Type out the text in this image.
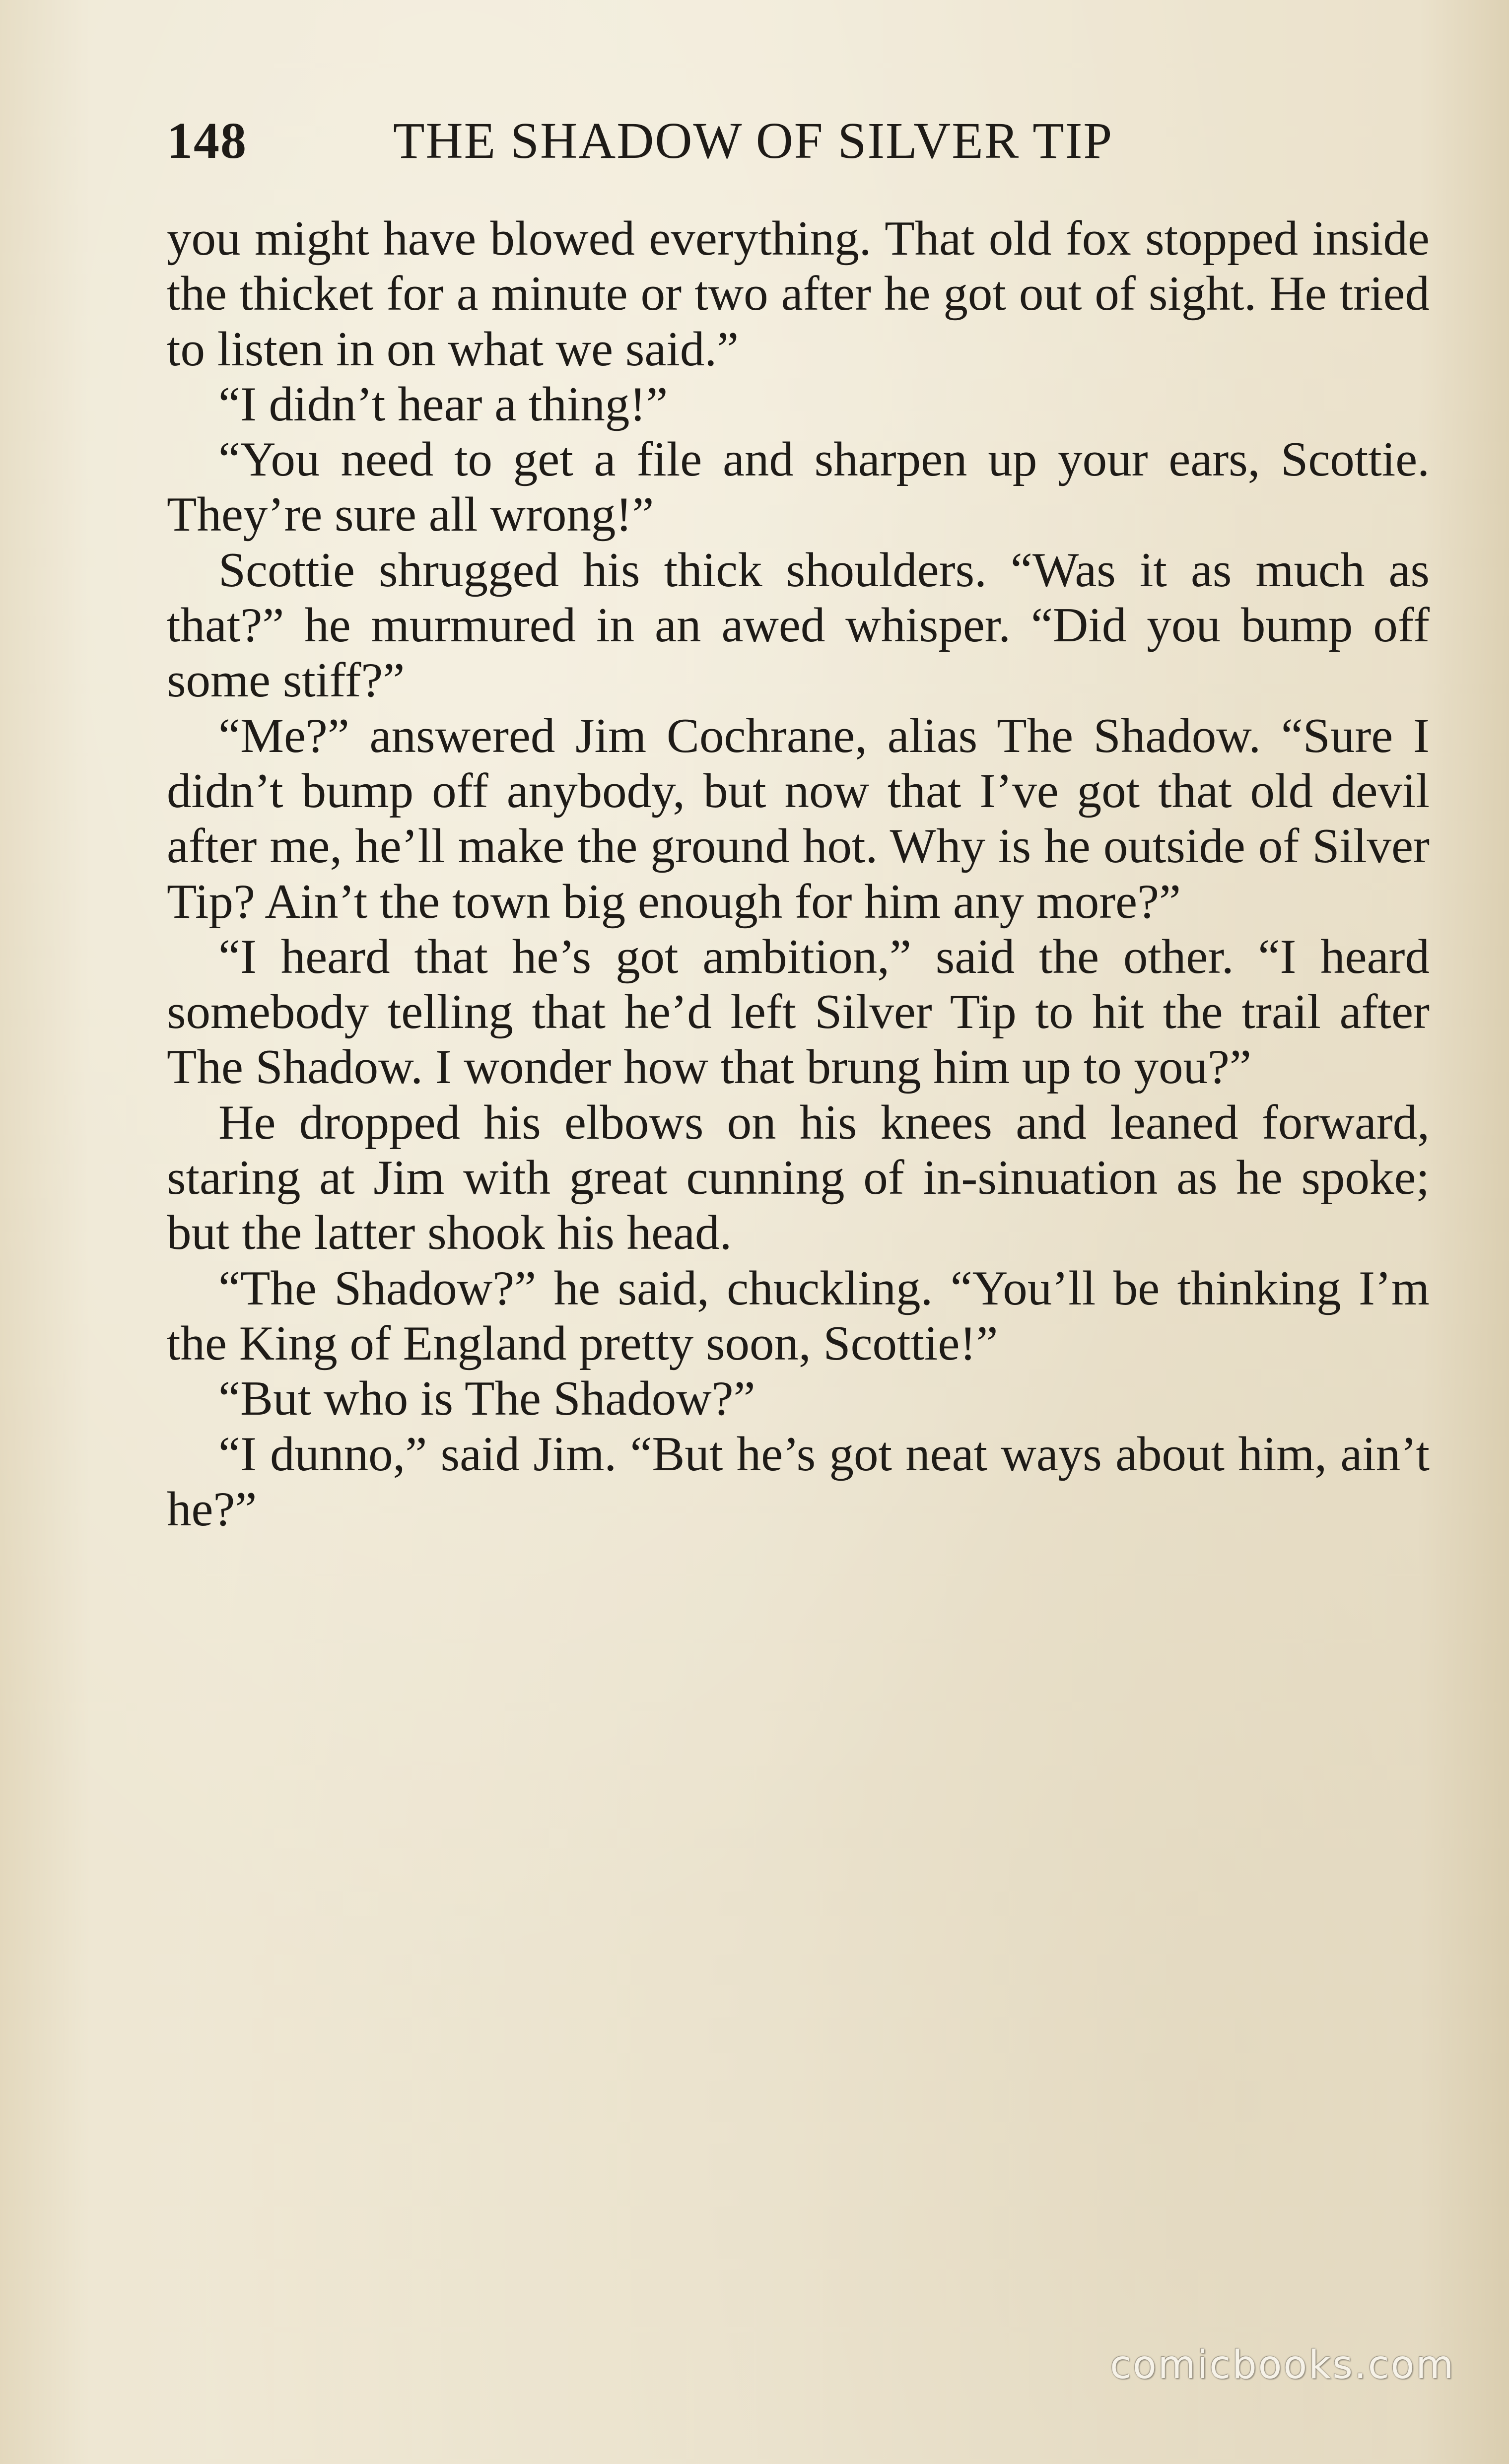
148	THE SHADOW OF SILVER TIP

you might have blowed everything. That old fox stopped inside the thicket for a minute or two after he got out of sight. He tried to listen in on what we said.”

“I didn’t hear a thing!”

“You need to get a file and sharpen up your ears, Scottie. They’re sure all wrong!”

Scottie shrugged his thick shoulders. “Was it as much as that?” he murmured in an awed whisper. “Did you bump off some stiff?”

“Me?” answered Jim Cochrane, alias The Shadow. “Sure I didn’t bump off anybody, but now that I’ve got that old devil after me, he’ll make the ground hot. Why is he outside of Silver Tip? Ain’t the town big enough for him any more?”

“I heard that he’s got ambition,” said the other. “I heard somebody telling that he’d left Silver Tip to hit the trail after The Shadow. I wonder how that brung him up to you?”

He dropped his elbows on his knees and leaned forward, staring at Jim with great cunning of in-sinuation as he spoke; but the latter shook his head.

“The Shadow?” he said, chuckling. “You’ll be thinking I’m the King of England pretty soon, Scottie!”

“But who is The Shadow?”

“I dunno,” said Jim. “But he’s got neat ways about him, ain’t he?”

comicbooks.com
